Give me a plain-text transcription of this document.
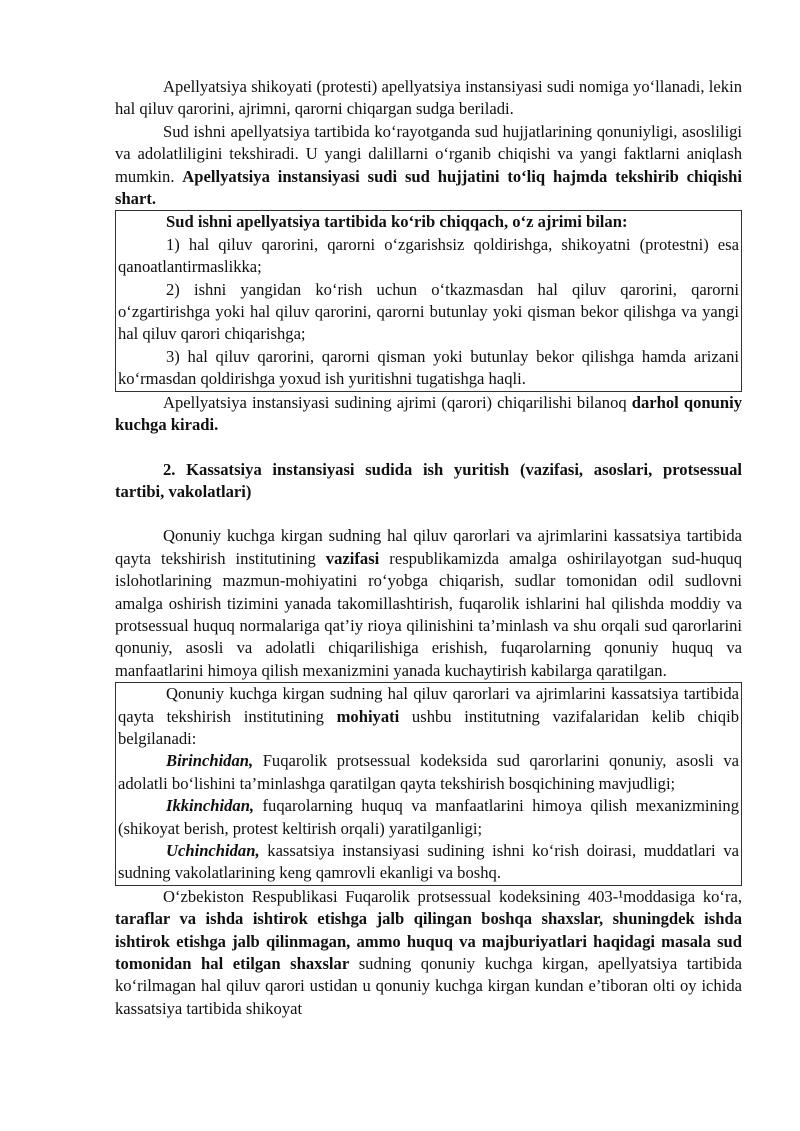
Apellyatsiya shikoyati (protesti) apellyatsiya instansiyasi sudi nomiga yo‘llanadi, lekin hal qiluv qarorini, ajrimni, qarorni chiqargan sudga beriladi.

Sud ishni apellyatsiya tartibida ko‘rayotganda sud hujjatlarining qonuniyligi, asosliligi va adolatliligini tekshiradi. U yangi dalillarni o‘rganib chiqishi va yangi faktlarni aniqlash mumkin. Apellyatsiya instansiyasi sudi sud hujjatini to‘liq hajmda tekshirib chiqishi shart.

Sud ishni apellyatsiya tartibida ko‘rib chiqqach, o‘z ajrimi bilan:

1) hal qiluv qarorini, qarorni o‘zgarishsiz qoldirishga, shikoyatni (protestni) esa qanoatlantirmaslikka;

2) ishni yangidan ko‘rish uchun o‘tkazmasdan hal qiluv qarorini, qarorni o‘zgartirishga yoki hal qiluv qarorini, qarorni butunlay yoki qisman bekor qilishga va yangi hal qiluv qarori chiqarishga;

3) hal qiluv qarorini, qarorni qisman yoki butunlay bekor qilishga hamda arizani ko‘rmasdan qoldirishga yoxud ish yuritishni tugatishga haqli.

Apellyatsiya instansiyasi sudining ajrimi (qarori) chiqarilishi bilanoq darhol qonuniy kuchga kiradi.

2. Kassatsiya instansiyasi sudida ish yuritish (vazifasi, asoslari, protsessual tartibi, vakolatlari)

Qonuniy kuchga kirgan sudning hal qiluv qarorlari va ajrimlarini kassatsiya tartibida qayta tekshirish institutining vazifasi respublikamizda amalga oshirilayotgan sud-huquq islohotlarining mazmun-mohiyatini ro‘yobga chiqarish, sudlar tomonidan odil sudlovni amalga oshirish tizimini yanada takomillashtirish, fuqarolik ishlarini hal qilishda moddiy va protsessual huquq normalariga qat’iy rioya qilinishini ta’minlash va shu orqali sud qarorlarini qonuniy, asosli va adolatli chiqarilishiga erishish, fuqarolarning qonuniy huquq va manfaatlarini himoya qilish mexanizmini yanada kuchaytirish kabilarga qaratilgan.

Qonuniy kuchga kirgan sudning hal qiluv qarorlari va ajrimlarini kassatsiya tartibida qayta tekshirish institutining mohiyati ushbu institutning vazifalaridan kelib chiqib belgilanadi:

Birinchidan, Fuqarolik protsessual kodeksida sud qarorlarini qonuniy, asosli va adolatli bo‘lishini ta’minlashga qaratilgan qayta tekshirish bosqichining mavjudligi;

Ikkinchidan, fuqarolarning huquq va manfaatlarini himoya qilish mexanizmining (shikoyat berish, protest keltirish orqali) yaratilganligi;

Uchinchidan, kassatsiya instansiyasi sudining ishni ko‘rish doirasi, muddatlari va sudning vakolatlarining keng qamrovli ekanligi va boshq.

O‘zbekiston Respublikasi Fuqarolik protsessual kodeksining 403-¹moddasiga ko‘ra, taraflar va ishda ishtirok etishga jalb qilingan boshqa shaxslar, shuningdek ishda ishtirok etishga jalb qilinmagan, ammo huquq va majburiyatlari haqidagi masala sud tomonidan hal etilgan shaxslar sudning qonuniy kuchga kirgan, apellyatsiya tartibida ko‘rilmagan hal qiluv qarori ustidan u qonuniy kuchga kirgan kundan e’tiboran olti oy ichida kassatsiya tartibida shikoyat
